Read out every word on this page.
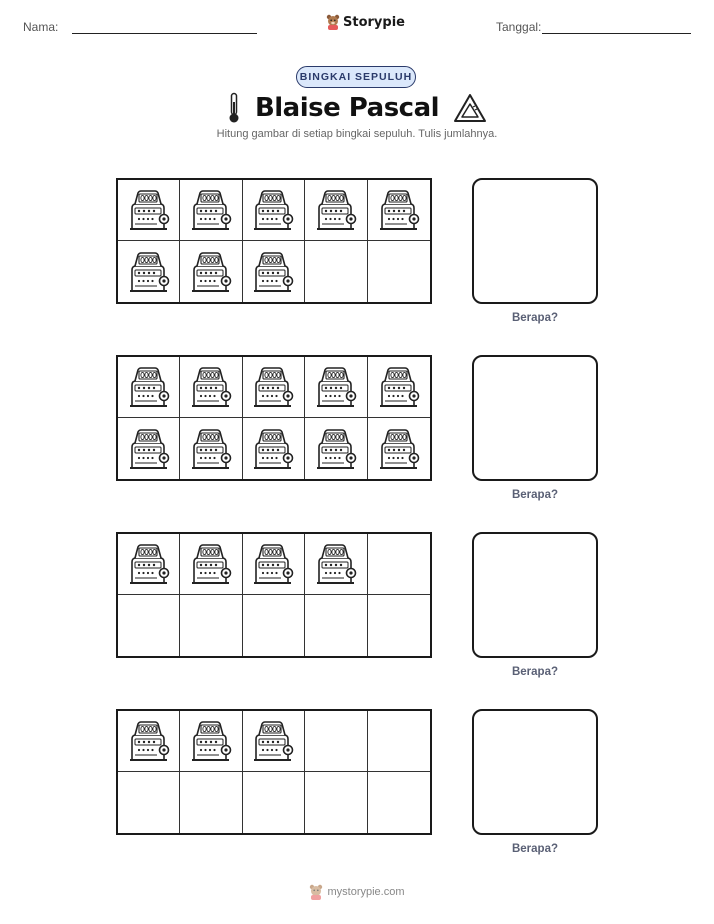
Nama:	Storypie	Tanggal:
BINGKAI SEPULUH
Blaise Pascal
Hitung gambar di setiap bingkai sepuluh. Tulis jumlahnya.
Berapa?
Berapa?
Berapa?
Berapa?
mystorypie.com
